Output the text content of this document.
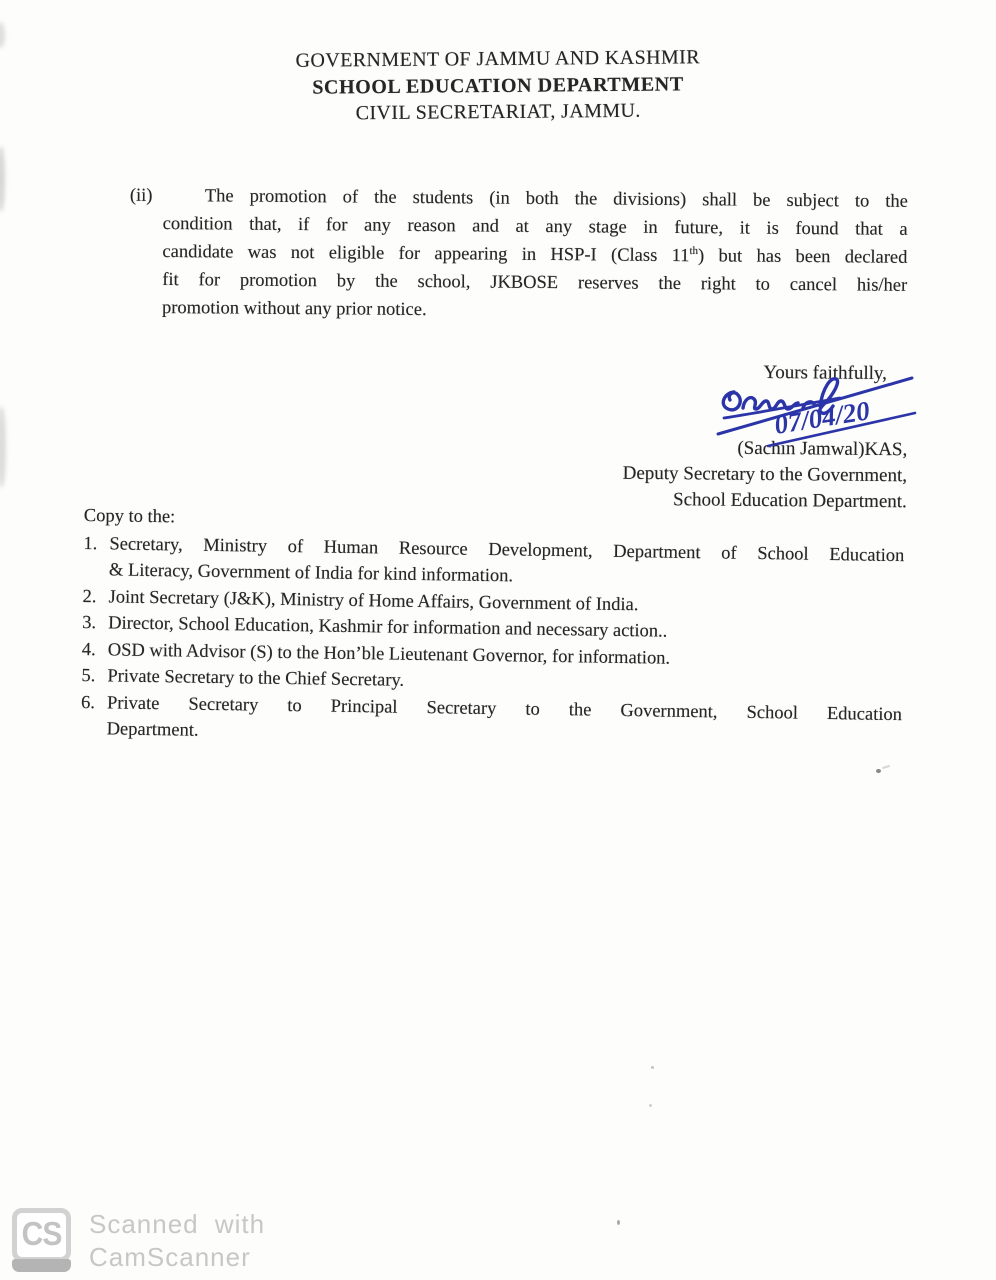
GOVERNMENT OF JAMMU AND KASHMIR
SCHOOL EDUCATION DEPARTMENT
CIVIL SECRETARIAT, JAMMU.
(ii)	The promotion of the students (in both the divisions) shall be subject to the
condition that, if for any reason and at any stage in future, it is found that a
candidate was not eligible for appearing in HSP-I (Class 11th) but has been declared
fit for promotion by the school, JKBOSE reserves the right to cancel his/her
promotion without any prior notice.
Yours faithfully,
(Sachin Jamwal)KAS,
Deputy Secretary to the Government,
School Education Department.
07/04/20
Copy to the:
1. Secretary, Ministry of Human Resource Development, Department of School Education
& Literacy, Government of India for kind information.
2. Joint Secretary (J&K), Ministry of Home Affairs, Government of India.
3. Director, School Education, Kashmir for information and necessary action..
4. OSD with Advisor (S) to the Hon’ble Lieutenant Governor, for information.
5. Private Secretary to the Chief Secretary.
6. Private Secretary to Principal Secretary to the Government, School Education
Department.
CS Scanned with
CamScanner
